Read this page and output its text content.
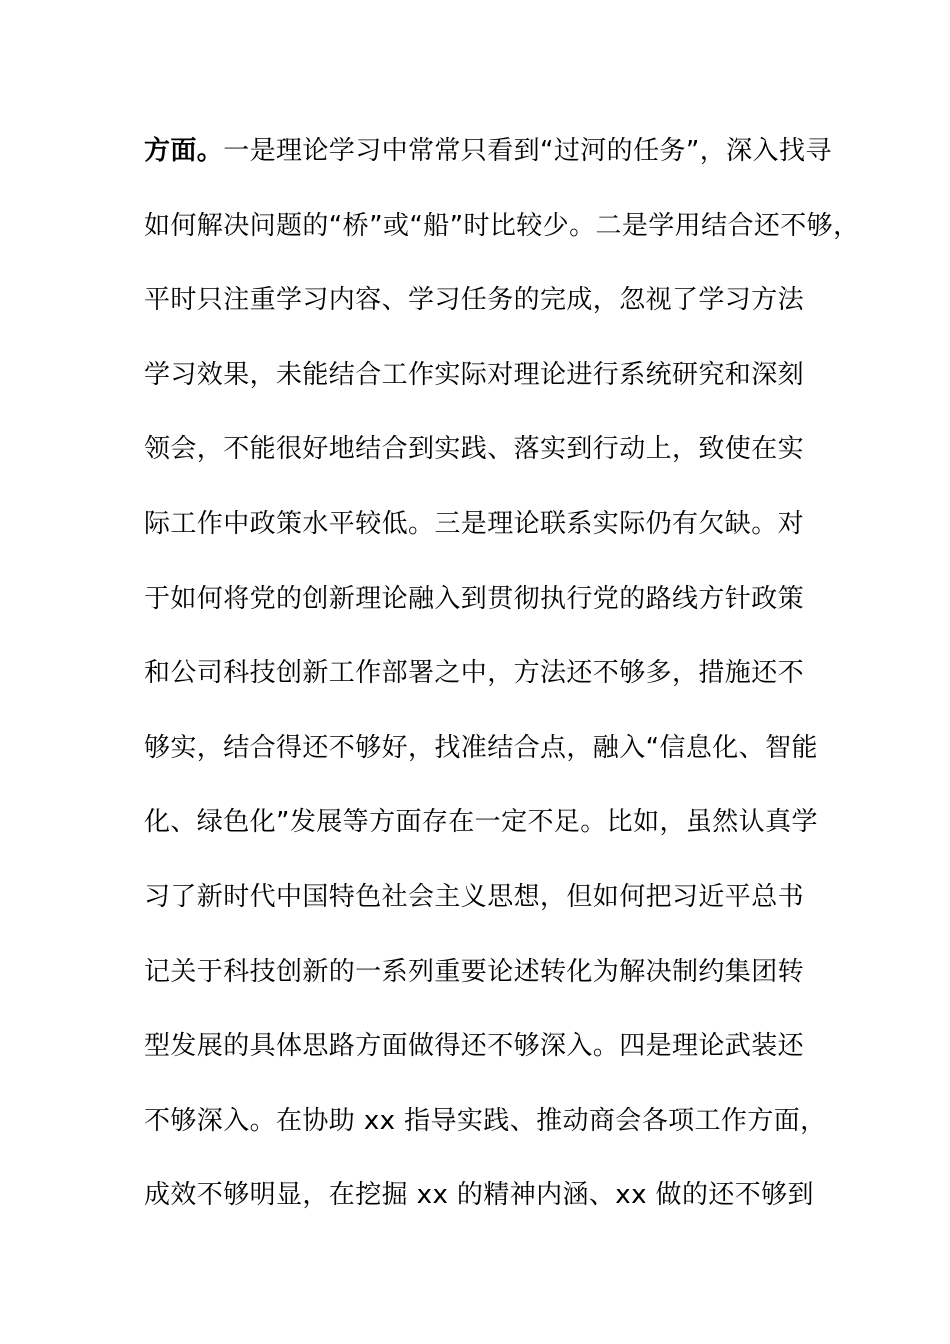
方面。一是理论学习中常常只看到“过河的任务”，深入找寻
如何解决问题的“桥”或“船”时比较少。二是学用结合还不够，
平时只注重学习内容、学习任务的完成，忽视了学习方法
学习效果，未能结合工作实际对理论进行系统研究和深刻
领会，不能很好地结合到实践、落实到行动上，致使在实
际工作中政策水平较低。三是理论联系实际仍有欠缺。对
于如何将党的创新理论融入到贯彻执行党的路线方针政策
和公司科技创新工作部署之中，方法还不够多，措施还不
够实，结合得还不够好，找准结合点，融入“信息化、智能
化、绿色化”发展等方面存在一定不足。比如，虽然认真学
习了新时代中国特色社会主义思想，但如何把习近平总书
记关于科技创新的一系列重要论述转化为解决制约集团转
型发展的具体思路方面做得还不够深入。四是理论武装还
不够深入。在协助 xx 指导实践、推动商会各项工作方面，
成效不够明显，在挖掘 xx 的精神内涵、xx 做的还不够到
